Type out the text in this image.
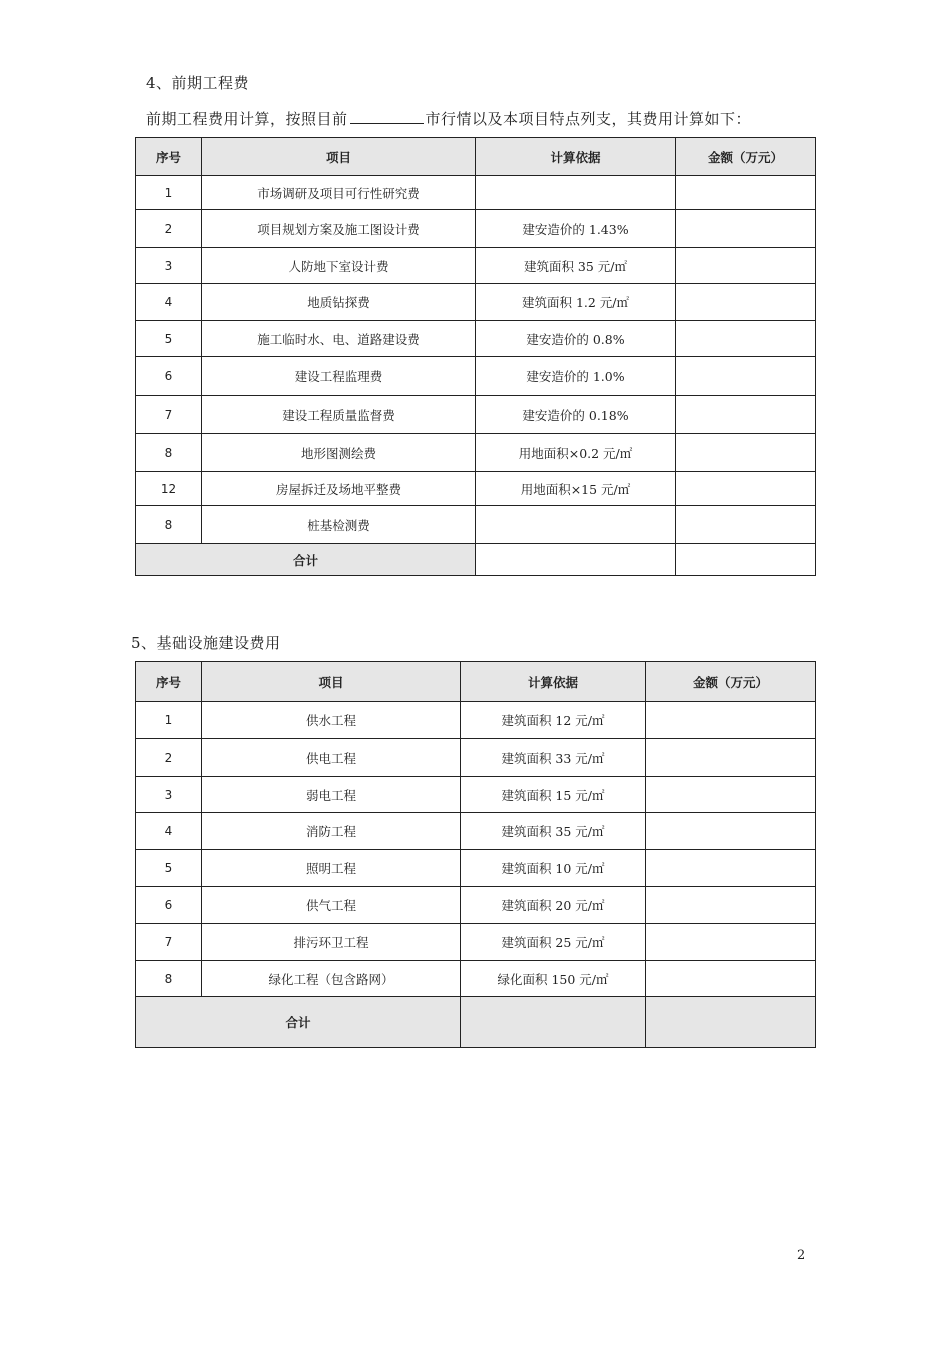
4、前期工程费
前期工程费用计算，按照目前	市行情以及本项目特点列支，其费用计算如下：
序号	项目	计算依据	金额（万元）
1	市场调研及项目可行性研究费		
2	项目规划方案及施工图设计费	建安造价的 1.43%	
3	人防地下室设计费	建筑面积 35 元/㎡	
4	地质钻探费	建筑面积 1.2 元/㎡	
5	施工临时水、电、道路建设费	建安造价的 0.8%	
6	建设工程监理费	建安造价的 1.0%	
7	建设工程质量监督费	建安造价的 0.18%	
8	地形图测绘费	用地面积×0.2 元/㎡	
12	房屋拆迁及场地平整费	用地面积×15 元/㎡	
8	桩基检测费		
合计			
5、基础设施建设费用
序号	项目	计算依据	金额（万元）
1	供水工程	建筑面积 12 元/㎡	
2	供电工程	建筑面积 33 元/㎡	
3	弱电工程	建筑面积 15 元/㎡	
4	消防工程	建筑面积 35 元/㎡	
5	照明工程	建筑面积 10 元/㎡	
6	供气工程	建筑面积 20 元/㎡	
7	排污环卫工程	建筑面积 25 元/㎡	
8	绿化工程（包含路网）	绿化面积 150 元/㎡	
合计			
2
